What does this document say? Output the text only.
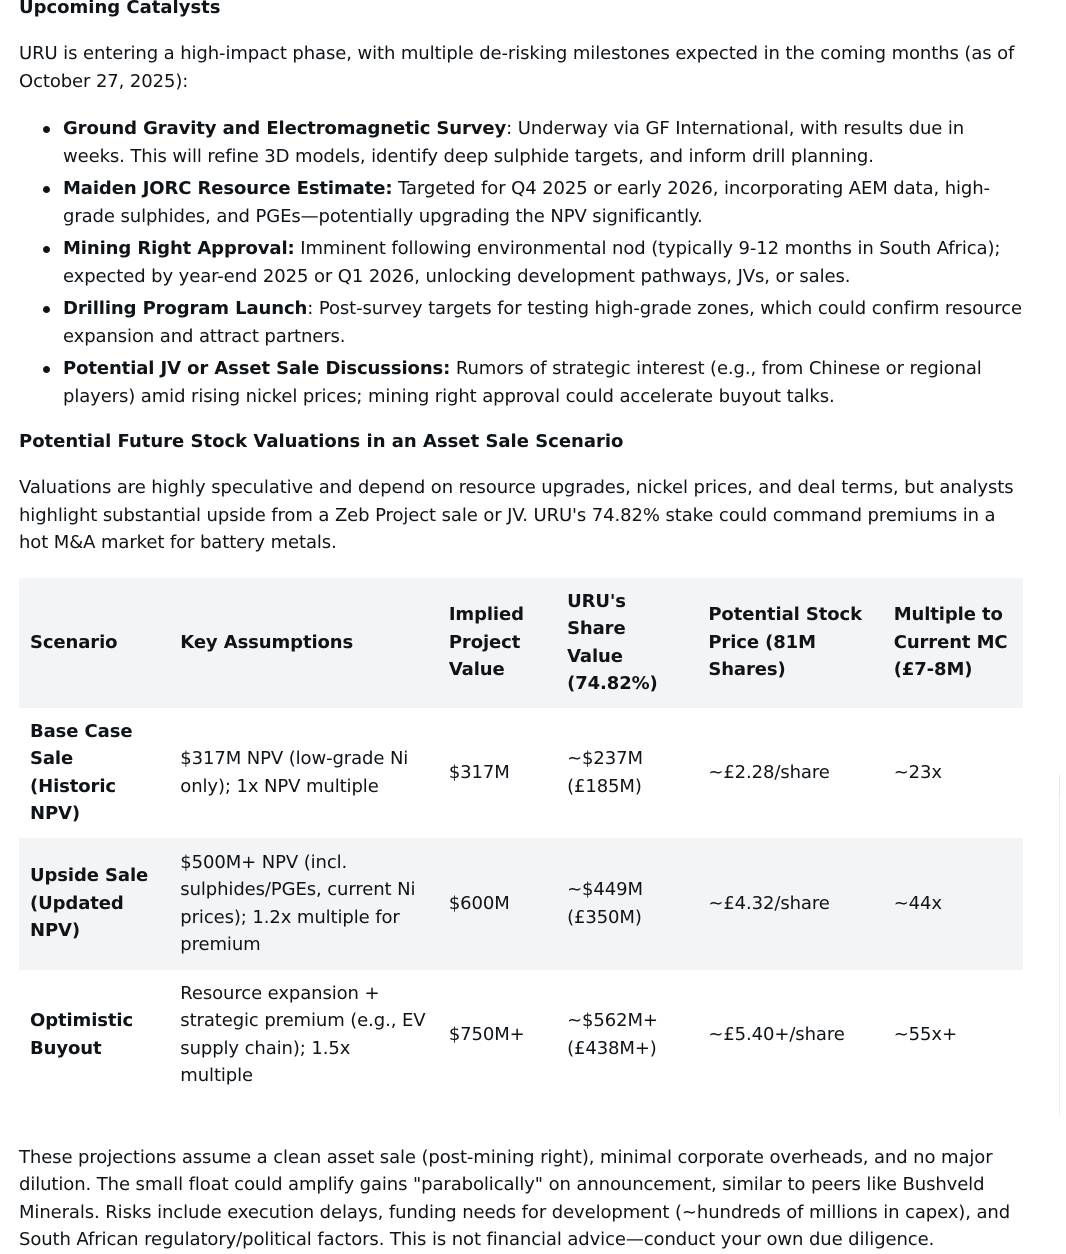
Upcoming Catalysts

URU is entering a high-impact phase, with multiple de-risking milestones expected in the coming months (as of October 27, 2025):

Ground Gravity and Electromagnetic Survey: Underway via GF International, with results due in weeks. This will refine 3D models, identify deep sulphide targets, and inform drill planning.
Maiden JORC Resource Estimate: Targeted for Q4 2025 or early 2026, incorporating AEM data, high-grade sulphides, and PGEs—potentially upgrading the NPV significantly.
Mining Right Approval: Imminent following environmental nod (typically 9-12 months in South Africa); expected by year-end 2025 or Q1 2026, unlocking development pathways, JVs, or sales.
Drilling Program Launch: Post-survey targets for testing high-grade zones, which could confirm resource expansion and attract partners.
Potential JV or Asset Sale Discussions: Rumors of strategic interest (e.g., from Chinese or regional players) amid rising nickel prices; mining right approval could accelerate buyout talks.
Potential Future Stock Valuations in an Asset Sale Scenario

Valuations are highly speculative and depend on resource upgrades, nickel prices, and deal terms, but analysts highlight substantial upside from a Zeb Project sale or JV. URU's 74.82% stake could command premiums in a hot M&A market for battery metals.

Scenario	Key Assumptions	Implied Project Value	URU's Share Value (74.82%)	Potential Stock Price (81M Shares)	Multiple to Current MC (£7-8M)
Base Case Sale (Historic NPV)	$317M NPV (low-grade Ni only); 1x NPV multiple	$317M	~$237M (£185M)	~£2.28/share	~23x
Upside Sale (Updated NPV)	$500M+ NPV (incl. sulphides/PGEs, current Ni prices); 1.2x multiple for premium	$600M	~$449M (£350M)	~£4.32/share	~44x
Optimistic Buyout	Resource expansion + strategic premium (e.g., EV supply chain); 1.5x multiple	$750M+	~$562M+ (£438M+)	~£5.40+/share	~55x+

These projections assume a clean asset sale (post-mining right), minimal corporate overheads, and no major dilution. The small float could amplify gains "parabolically" on announcement, similar to peers like Bushveld Minerals. Risks include execution delays, funding needs for development (~hundreds of millions in capex), and South African regulatory/political factors. This is not financial advice—conduct your own due diligence.
